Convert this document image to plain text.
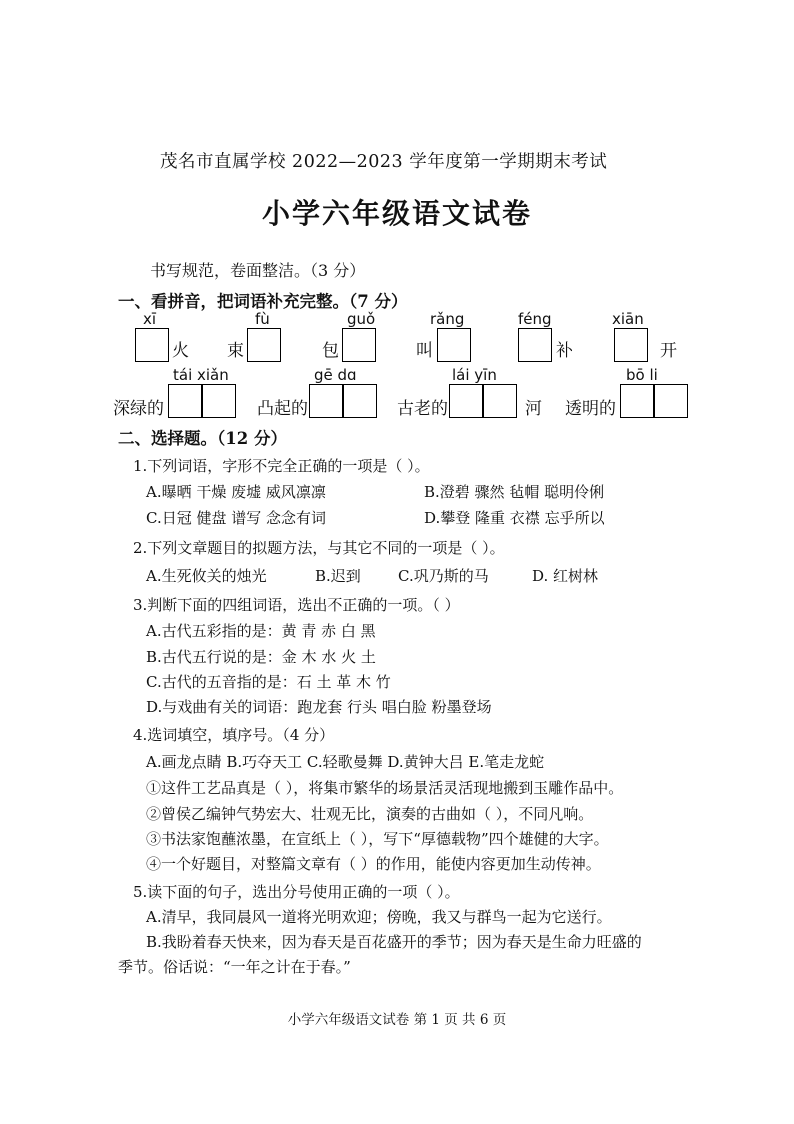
茂名市直属学校 2022—2023 学年度第一学期期末考试
小学六年级语文试卷
书写规范，卷面整洁。（3 分）
一、看拼音，把词语补充完整。（7 分）
xī	fù	guǒ	rǎng	féng	xiān
火 束	包	叫	补	开
tái xiǎn	gē dɑ	lái yīn	bō li
深绿的	凸起的	古老的	河 透明的
二、选择题。（12 分）
1.下列词语，字形不完全正确的一项是（ ）。
A.曝晒 干燥 废墟 威风凛凛	B.澄碧 骤然 毡帽 聪明伶俐
C.日冠 健盘 谱写 念念有词	D.攀登 隆重 衣襟 忘乎所以
2.下列文章题目的拟题方法，与其它不同的一项是（ ）。
A.生死攸关的烛光	B.迟到 C.巩乃斯的马	D. 红树林
3.判断下面的四组词语，选出不正确的一项。（ ）
A.古代五彩指的是：黄 青 赤 白 黑
B.古代五行说的是：金 木 水 火 土
C.古代的五音指的是：石 土 革 木 竹
D.与戏曲有关的词语：跑龙套 行头 唱白脸 粉墨登场
4.选词填空，填序号。（4 分）
A.画龙点睛 B.巧夺天工 C.轻歌曼舞 D.黄钟大吕 E.笔走龙蛇
①这件工艺品真是（ ），将集市繁华的场景活灵活现地搬到玉雕作品中。
②曾侯乙编钟气势宏大、壮观无比，演奏的古曲如（ ），不同凡响。
③书法家饱蘸浓墨，在宣纸上（ ），写下“厚德载物”四个雄健的大字。
④一个好题目，对整篇文章有（ ）的作用，能使内容更加生动传神。
5.读下面的句子，选出分号使用正确的一项（ ）。
A.清早，我同晨风一道将光明欢迎；傍晚，我又与群鸟一起为它送行。
B.我盼着春天快来，因为春天是百花盛开的季节；因为春天是生命力旺盛的
季节。俗话说：“一年之计在于春。”
小学六年级语文试卷 第 1 页 共 6 页
